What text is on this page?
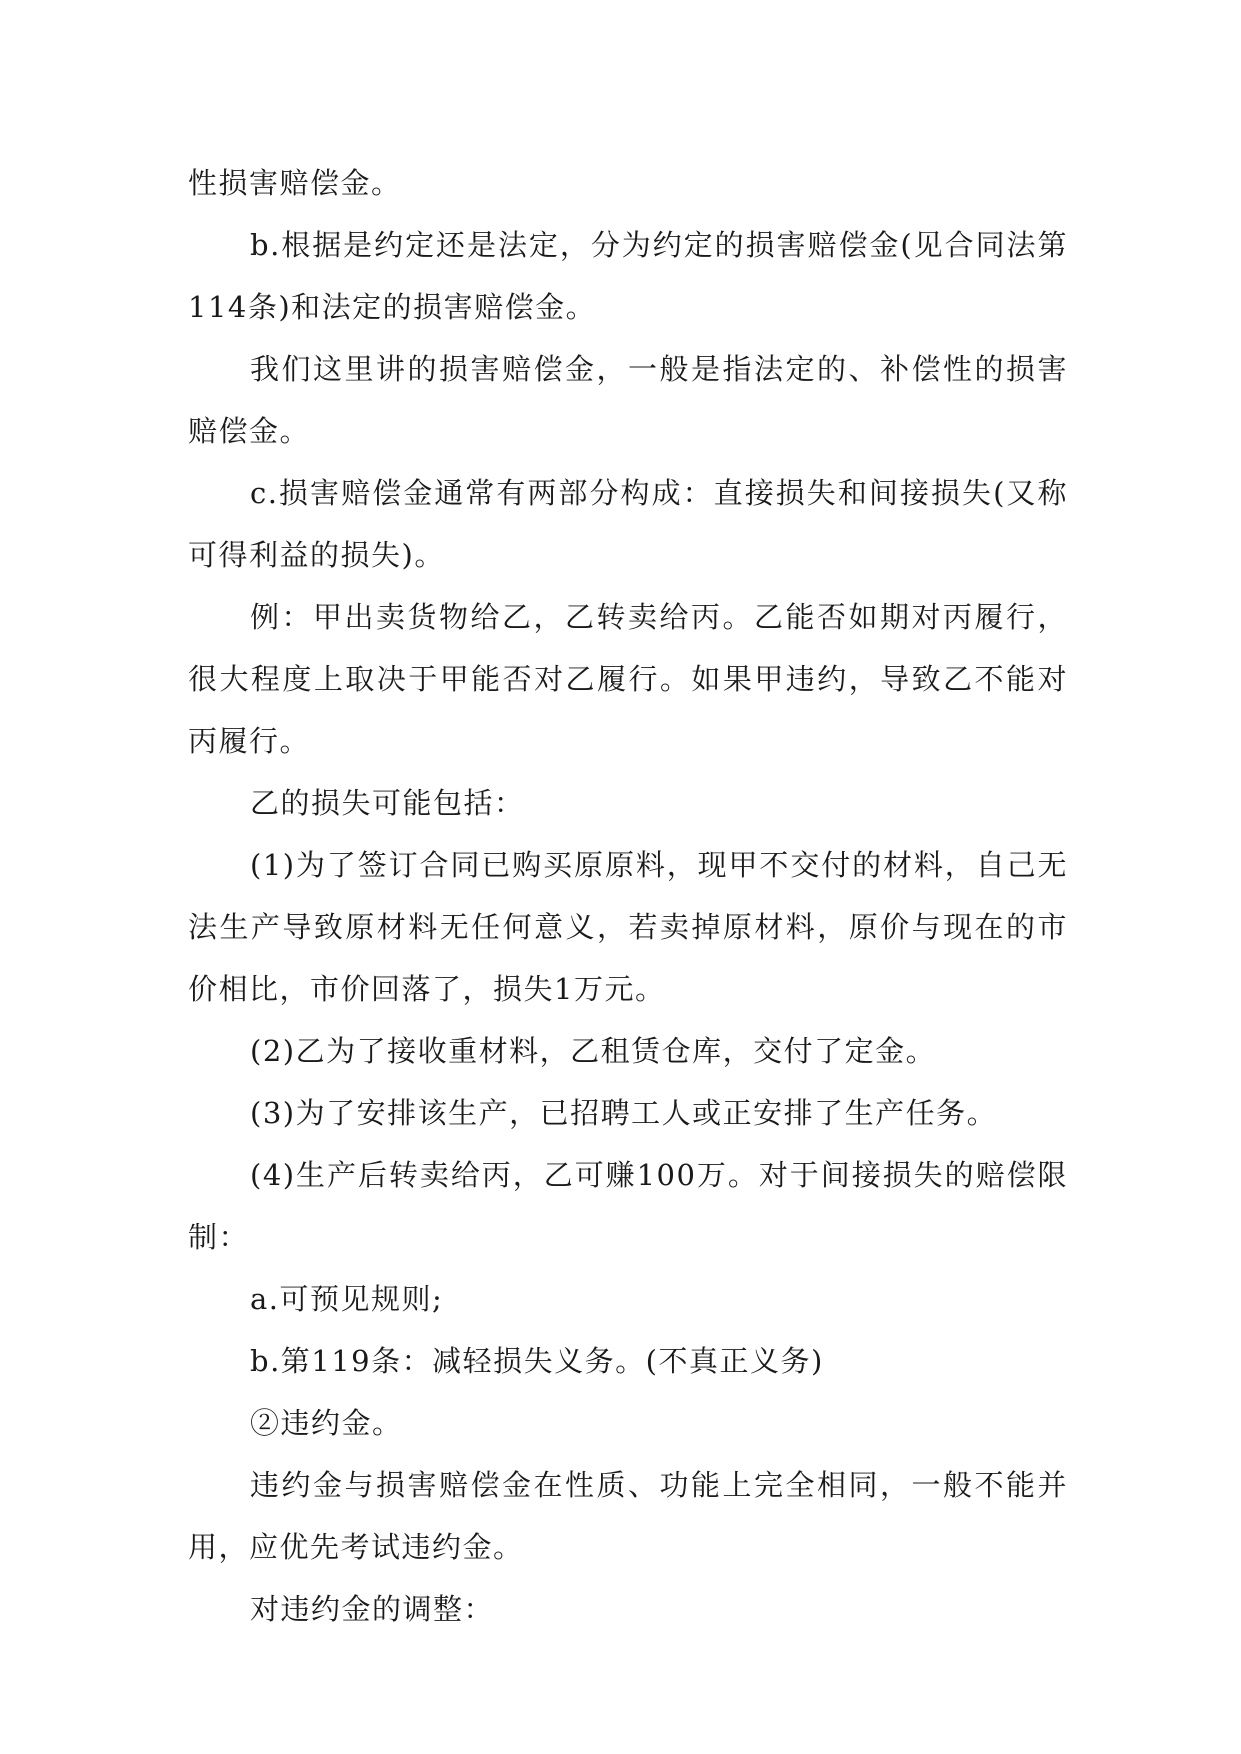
性损害赔偿金。

b.根据是约定还是法定，分为约定的损害赔偿金(见合同法第114条)和法定的损害赔偿金。

我们这里讲的损害赔偿金，一般是指法定的、补偿性的损害赔偿金。

c.损害赔偿金通常有两部分构成：直接损失和间接损失(又称可得利益的损失)。

例：甲出卖货物给乙，乙转卖给丙。乙能否如期对丙履行，很大程度上取决于甲能否对乙履行。如果甲违约，导致乙不能对丙履行。

乙的损失可能包括：

(1)为了签订合同已购买原原料，现甲不交付的材料，自己无法生产导致原材料无任何意义，若卖掉原材料，原价与现在的市价相比，市价回落了，损失1万元。

(2)乙为了接收重材料，乙租赁仓库，交付了定金。

(3)为了安排该生产，已招聘工人或正安排了生产任务。

(4)生产后转卖给丙，乙可赚100万。对于间接损失的赔偿限制：

a.可预见规则;

b.第119条：减轻损失义务。(不真正义务)

②违约金。

违约金与损害赔偿金在性质、功能上完全相同，一般不能并用，应优先考试违约金。

对违约金的调整：
